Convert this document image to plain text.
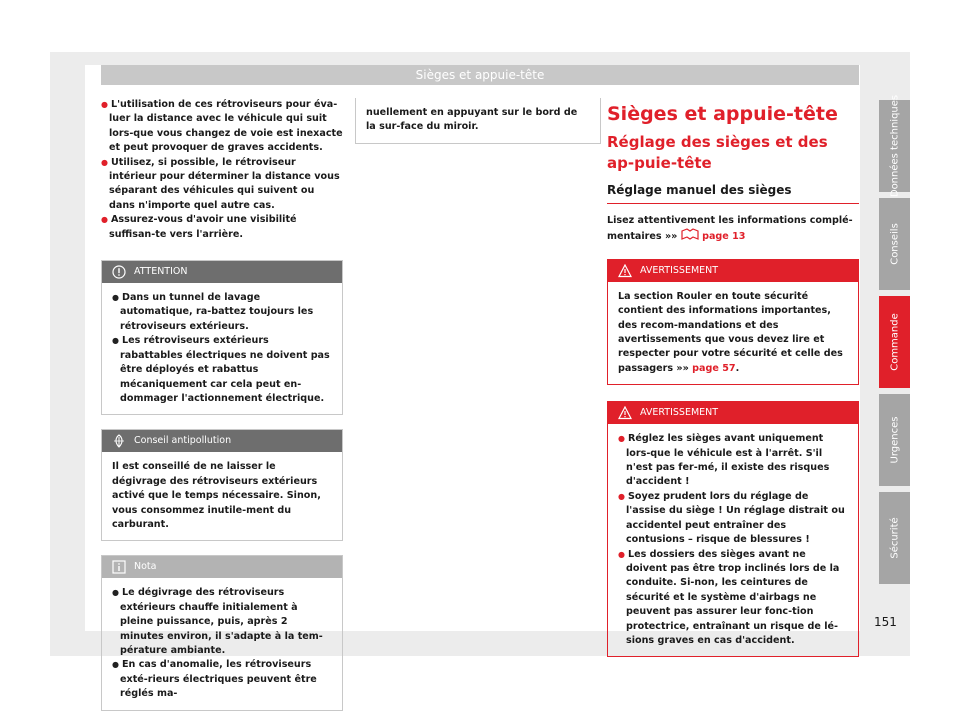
Sièges et appuie-tête
● L'utilisation de ces rétroviseurs pour éva-luer la distance avec le véhicule qui suit lors-que vous changez de voie est inexacte et peut provoquer de graves accidents.
● Utilisez, si possible, le rétroviseur intérieur pour déterminer la distance vous séparant des véhicules qui suivent ou dans n'importe quel autre cas.
● Assurez-vous d'avoir une visibilité suffisan-te vers l'arrière.
ATTENTION
● Dans un tunnel de lavage automatique, ra-battez toujours les rétroviseurs extérieurs.
● Les rétroviseurs extérieurs rabattables électriques ne doivent pas être déployés et rabattus mécaniquement car cela peut en-dommager l'actionnement électrique.
Conseil antipollution
Il est conseillé de ne laisser le dégivrage des rétroviseurs extérieurs activé que le temps nécessaire. Sinon, vous consommez inutile-ment du carburant.
Nota
● Le dégivrage des rétroviseurs extérieurs chauffe initialement à pleine puissance, puis, après 2 minutes environ, il s'adapte à la tem-pérature ambiante.
● En cas d'anomalie, les rétroviseurs exté-rieurs électriques peuvent être réglés ma-
nuellement en appuyant sur le bord de la sur-face du miroir.
Sièges et appuie-tête
Réglage des sièges et des ap-puie-tête
Réglage manuel des sièges
Lisez attentivement les informations complé-mentaires »»	page 13
AVERTISSEMENT
La section Rouler en toute sécurité contient des informations importantes, des recom-mandations et des avertissements que vous devez lire et respecter pour votre sécurité et celle des passagers »» page 57.
AVERTISSEMENT
● Réglez les sièges avant uniquement lors-que le véhicule est à l'arrêt. S'il n'est pas fer-mé, il existe des risques d'accident !
● Soyez prudent lors du réglage de l'assise du siège ! Un réglage distrait ou accidentel peut entraîner des contusions – risque de blessures !
● Les dossiers des sièges avant ne doivent pas être trop inclinés lors de la conduite. Si-non, les ceintures de sécurité et le système d'airbags ne peuvent pas assurer leur fonc-tion protectrice, entraînant un risque de lé-sions graves en cas d'accident.
Données techniques
Conseils
Commande
Urgences
Sécurité
151
